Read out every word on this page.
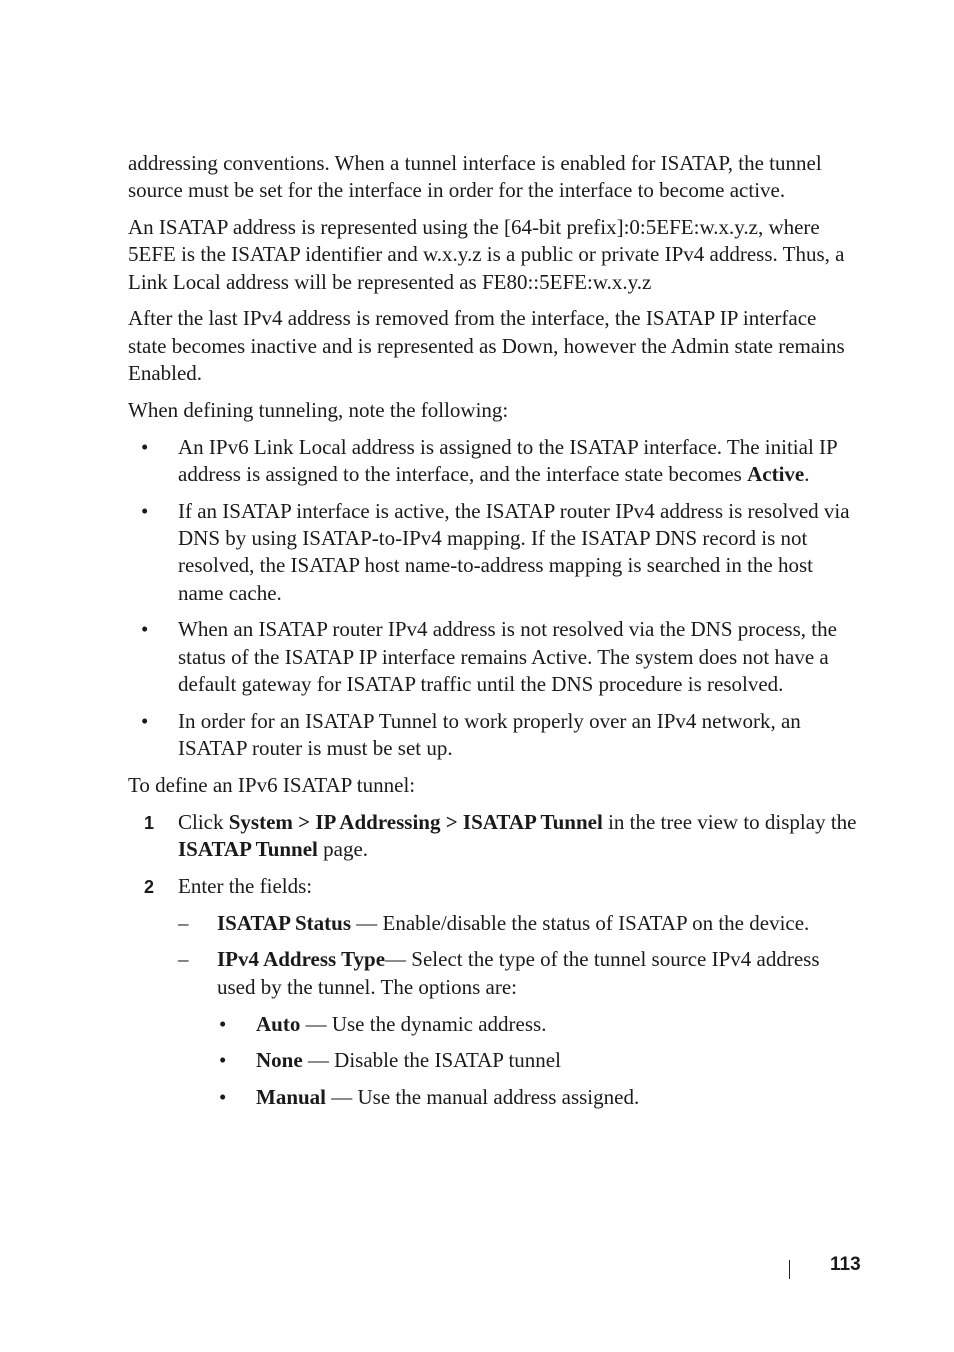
addressing conventions. When a tunnel interface is enabled for ISATAP, the tunnel source must be set for the interface in order for the interface to become active.

An ISATAP address is represented using the [64-bit prefix]:0:5EFE:w.x.y.z, where 5EFE is the ISATAP identifier and w.x.y.z is a public or private IPv4 address. Thus, a Link Local address will be represented as FE80::5EFE:w.x.y.z

After the last IPv4 address is removed from the interface, the ISATAP IP interface state becomes inactive and is represented as Down, however the Admin state remains Enabled.

When defining tunneling, note the following:

• An IPv6 Link Local address is assigned to the ISATAP interface. The initial IP address is assigned to the interface, and the interface state becomes Active.
• If an ISATAP interface is active, the ISATAP router IPv4 address is resolved via DNS by using ISATAP-to-IPv4 mapping. If the ISATAP DNS record is not resolved, the ISATAP host name-to-address mapping is searched in the host name cache.
• When an ISATAP router IPv4 address is not resolved via the DNS process, the status of the ISATAP IP interface remains Active. The system does not have a default gateway for ISATAP traffic until the DNS procedure is resolved.
• In order for an ISATAP Tunnel to work properly over an IPv4 network, an ISATAP router is must be set up.

To define an IPv6 ISATAP tunnel:

1 Click System > IP Addressing > ISATAP Tunnel in the tree view to display the ISATAP Tunnel page.
2 Enter the fields:
– ISATAP Status — Enable/disable the status of ISATAP on the device.
– IPv4 Address Type— Select the type of the tunnel source IPv4 address used by the tunnel. The options are:
• Auto — Use the dynamic address.
• None — Disable the ISATAP tunnel
• Manual — Use the manual address assigned.
113
